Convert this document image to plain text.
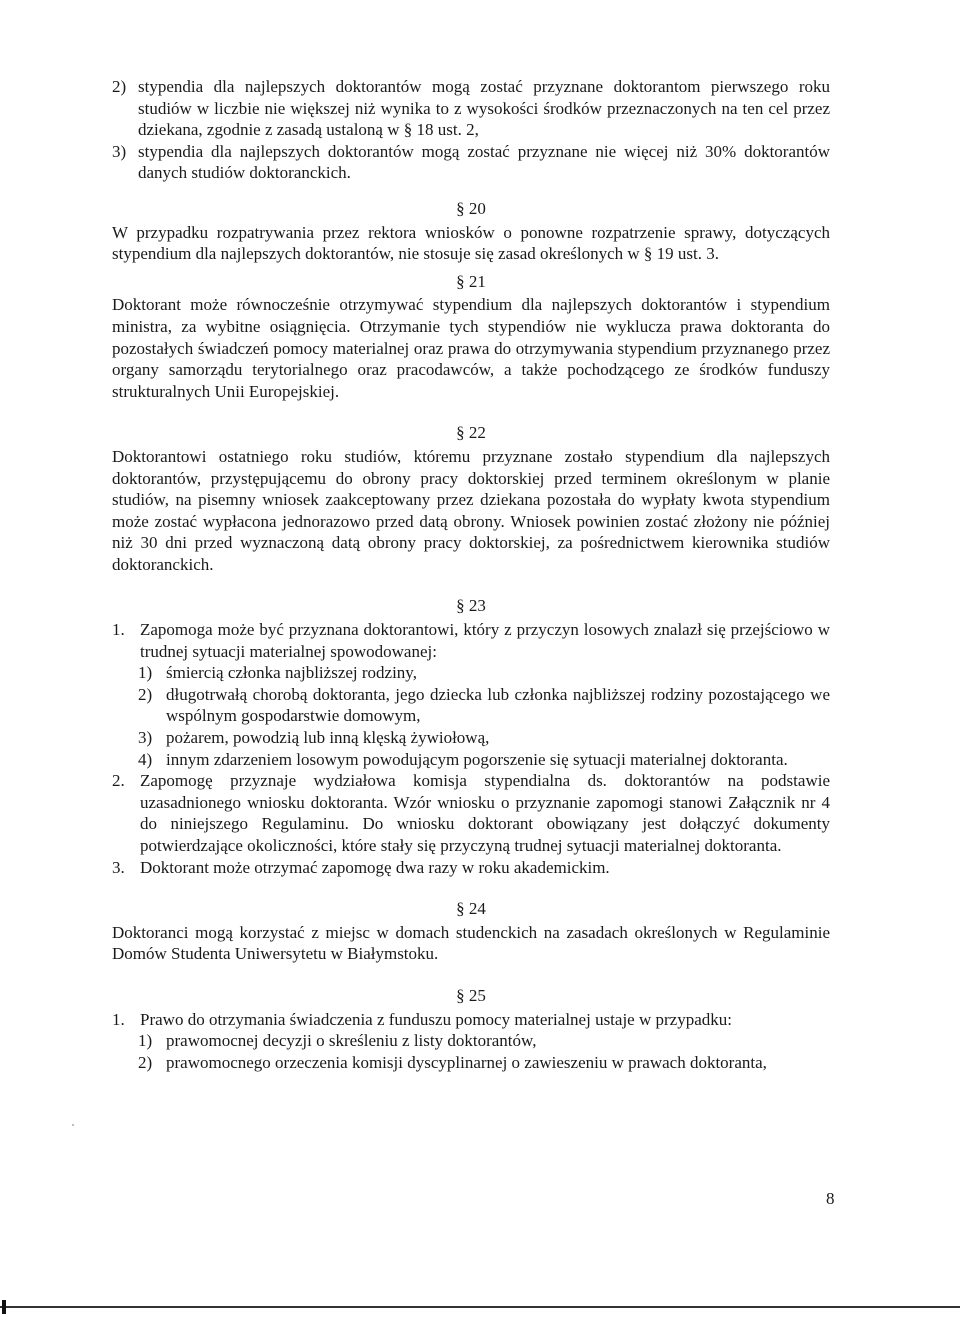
2) stypendia dla najlepszych doktorantów mogą zostać przyznane doktorantom pierwszego roku studiów w liczbie nie większej niż wynika to z wysokości środków przeznaczonych na ten cel przez dziekana, zgodnie z zasadą ustaloną w § 18 ust. 2,
3) stypendia dla najlepszych doktorantów mogą zostać przyznane nie więcej niż 30% doktorantów danych studiów doktoranckich.
§ 20
W przypadku rozpatrywania przez rektora wniosków o ponowne rozpatrzenie sprawy, dotyczących stypendium dla najlepszych doktorantów, nie stosuje się zasad określonych w § 19 ust. 3.
§ 21
Doktorant może równocześnie otrzymywać stypendium dla najlepszych doktorantów i stypendium ministra, za wybitne osiągnięcia. Otrzymanie tych stypendiów nie wyklucza prawa doktoranta do pozostałych świadczeń pomocy materialnej oraz prawa do otrzymywania stypendium przyznanego przez organy samorządu terytorialnego oraz pracodawców, a także pochodzącego ze środków funduszy strukturalnych Unii Europejskiej.
§ 22
Doktorantowi ostatniego roku studiów, któremu przyznane zostało stypendium dla najlepszych doktorantów, przystępującemu do obrony pracy doktorskiej przed terminem określonym w planie studiów, na pisemny wniosek zaakceptowany przez dziekana pozostała do wypłaty kwota stypendium może zostać wypłacona jednorazowo przed datą obrony. Wniosek powinien zostać złożony nie później niż 30 dni przed wyznaczoną datą obrony pracy doktorskiej, za pośrednictwem kierownika studiów doktoranckich.
§ 23
1. Zapomoga może być przyznana doktorantowi, który z przyczyn losowych znalazł się przejściowo w trudnej sytuacji materialnej spowodowanej:
1) śmiercią członka najbliższej rodziny,
2) długotrwałą chorobą doktoranta, jego dziecka lub członka najbliższej rodziny pozostającego we wspólnym gospodarstwie domowym,
3) pożarem, powodzią lub inną klęską żywiołową,
4) innym zdarzeniem losowym powodującym pogorszenie się sytuacji materialnej doktoranta.
2. Zapomogę przyznaje wydziałowa komisja stypendialna ds. doktorantów na podstawie uzasadnionego wniosku doktoranta. Wzór wniosku o przyznanie zapomogi stanowi Załącznik nr 4 do niniejszego Regulaminu. Do wniosku doktorant obowiązany jest dołączyć dokumenty potwierdzające okoliczności, które stały się przyczyną trudnej sytuacji materialnej doktoranta.
3. Doktorant może otrzymać zapomogę dwa razy w roku akademickim.
§ 24
Doktoranci mogą korzystać z miejsc w domach studenckich na zasadach określonych w Regulaminie Domów Studenta Uniwersytetu w Białymstoku.
§ 25
1. Prawo do otrzymania świadczenia z funduszu pomocy materialnej ustaje w przypadku:
1) prawomocnej decyzji o skreśleniu z listy doktorantów,
2) prawomocnego orzeczenia komisji dyscyplinarnej o zawieszeniu w prawach doktoranta,
8
